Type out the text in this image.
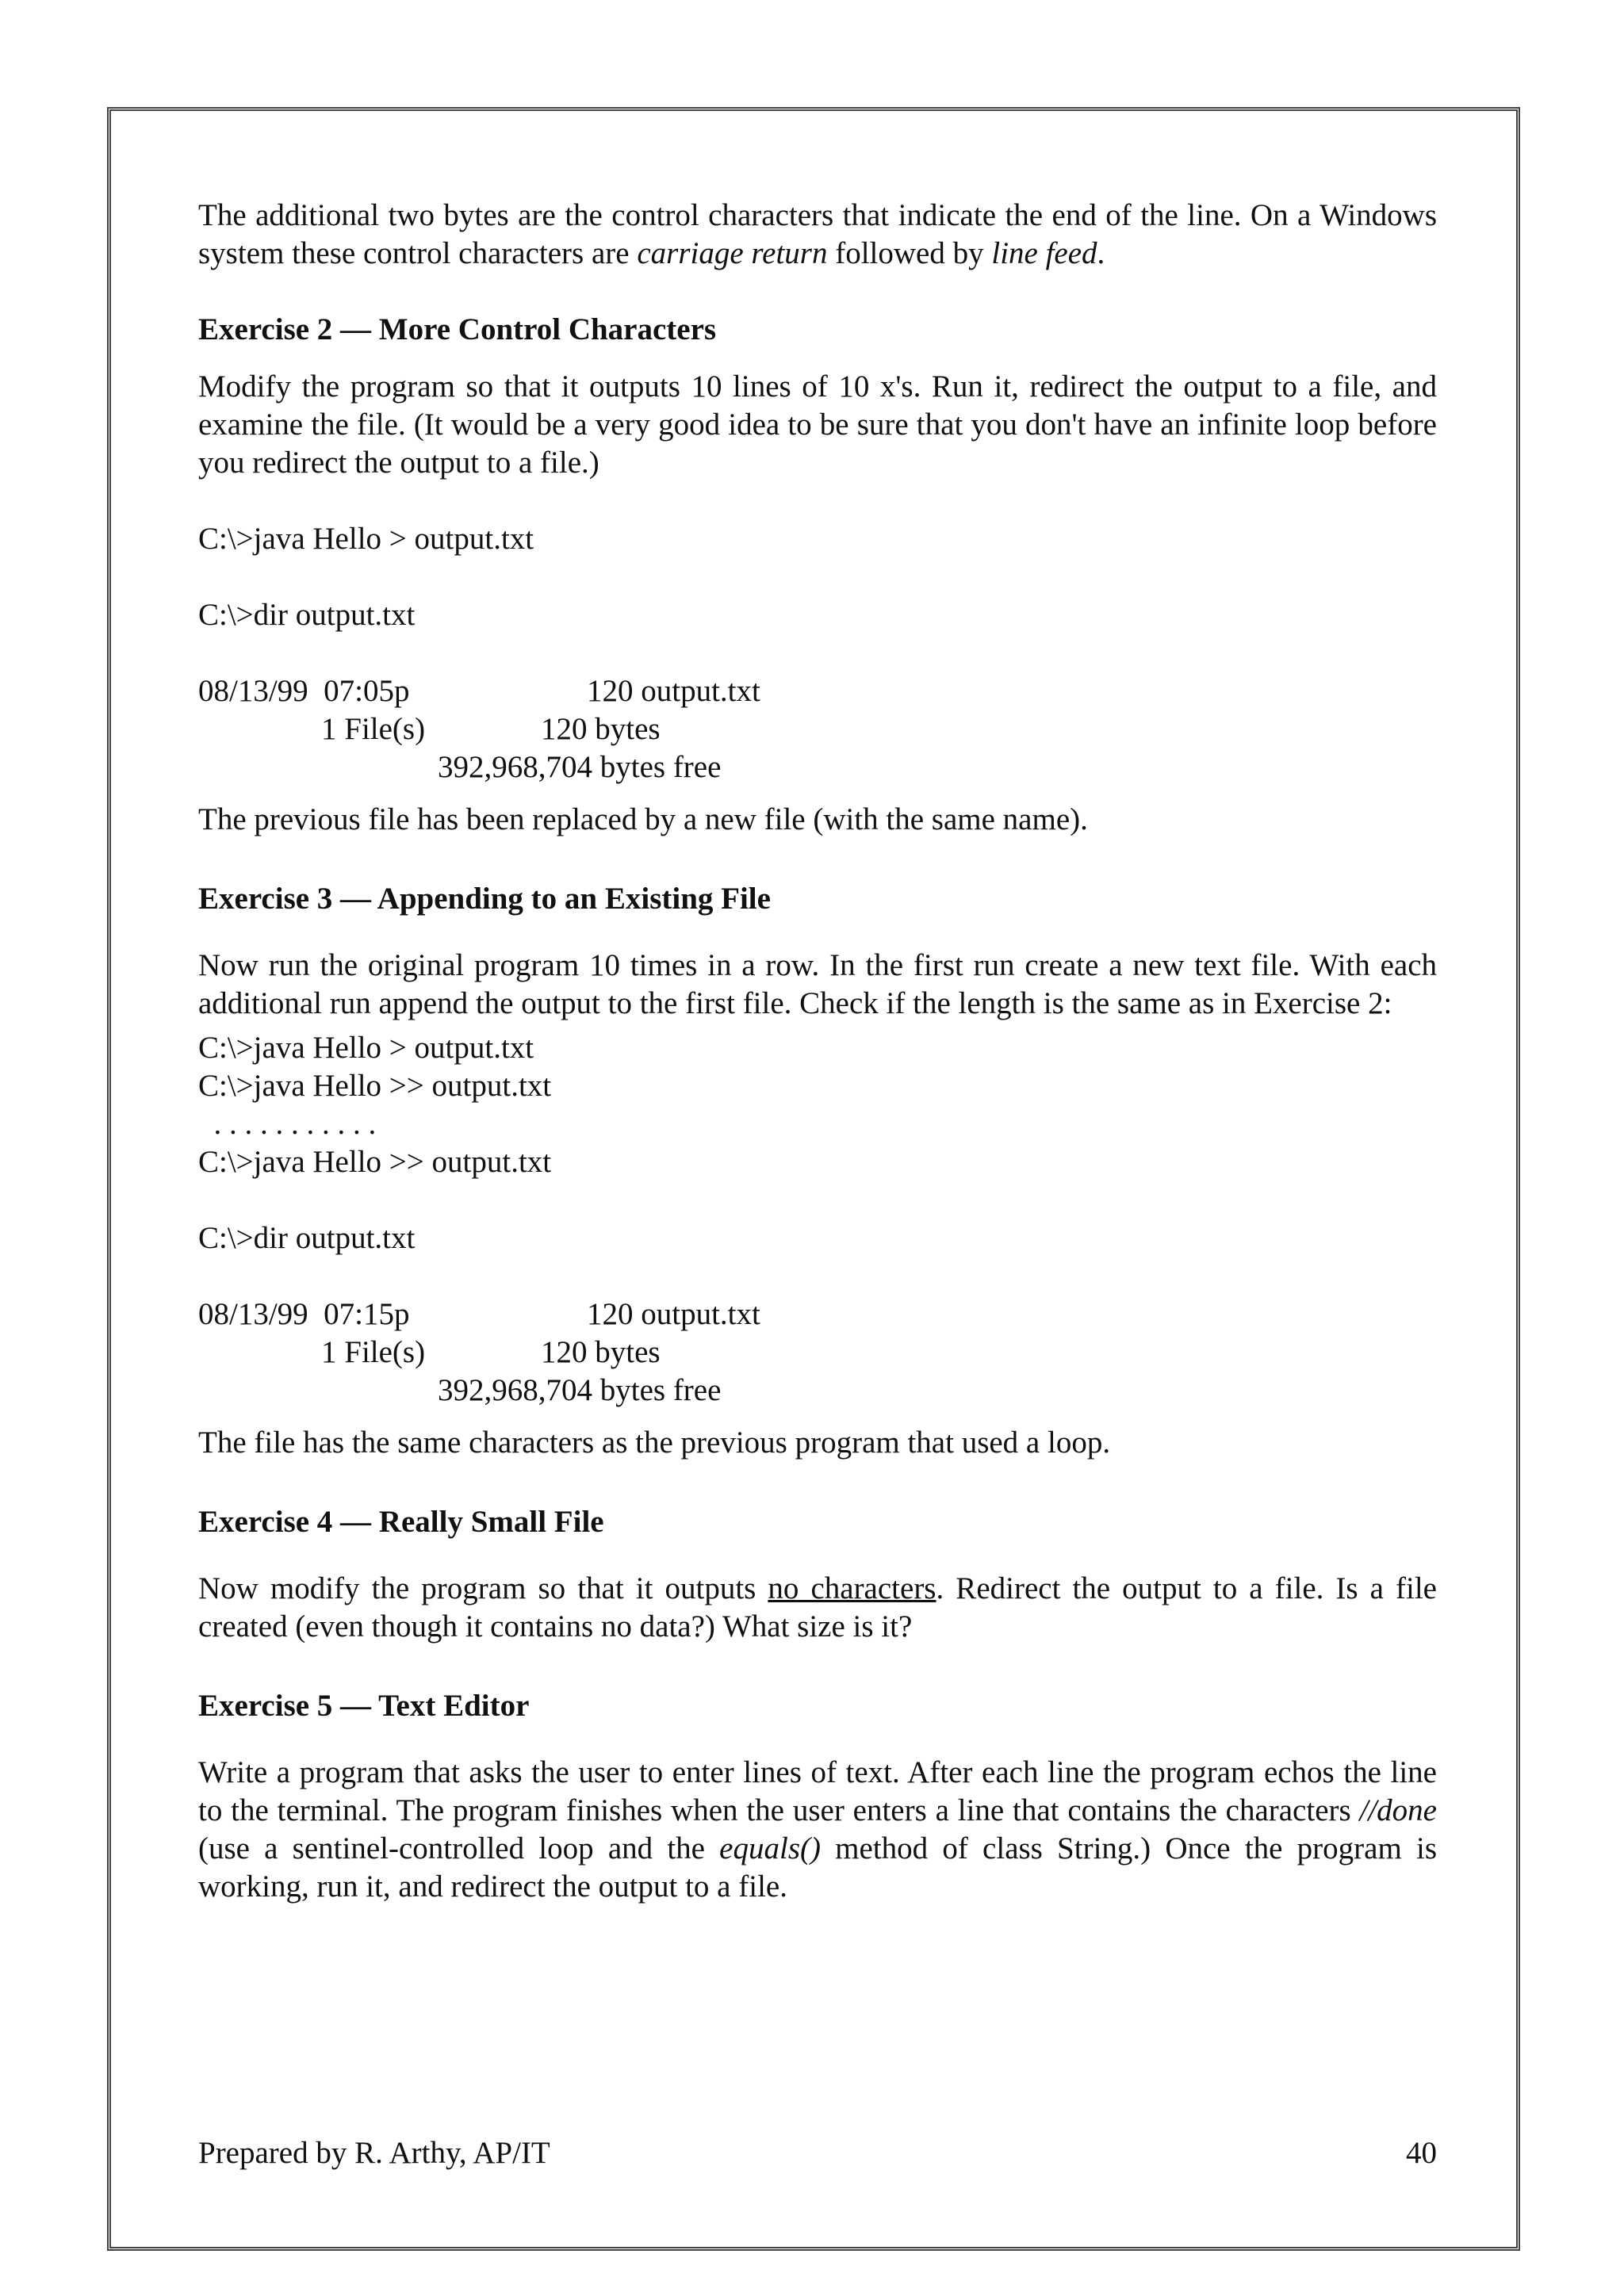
The additional two bytes are the control characters that indicate the end of the line. On a Windows system these control characters are carriage return followed by line feed.

Exercise 2 — More Control Characters

Modify the program so that it outputs 10 lines of 10 x's. Run it, redirect the output to a file, and examine the file. (It would be a very good idea to be sure that you don't have an infinite loop before you redirect the output to a file.)

C:\>java Hello > output.txt
C:\>dir output.txt
08/13/99  07:05p	120 output.txt
1 File(s)	120 bytes
392,968,704 bytes free

The previous file has been replaced by a new file (with the same name).

Exercise 3 — Appending to an Existing File

Now run the original program 10 times in a row. In the first run create a new text file. With each additional run append the output to the first file. Check if the length is the same as in Exercise 2:

C:\>java Hello > output.txt
C:\>java Hello >> output.txt
. . . . . . . . . . .
C:\>java Hello >> output.txt
C:\>dir output.txt
08/13/99  07:15p	120 output.txt
1 File(s)	120 bytes
392,968,704 bytes free

The file has the same characters as the previous program that used a loop.

Exercise 4 — Really Small File

Now modify the program so that it outputs no characters. Redirect the output to a file. Is a file created (even though it contains no data?) What size is it?

Exercise 5 — Text Editor

Write a program that asks the user to enter lines of text. After each line the program echos the line to the terminal. The program finishes when the user enters a line that contains the characters //done (use a sentinel-controlled loop and the equals() method of class String.) Once the program is working, run it, and redirect the output to a file.

Prepared by R. Arthy, AP/IT	40
